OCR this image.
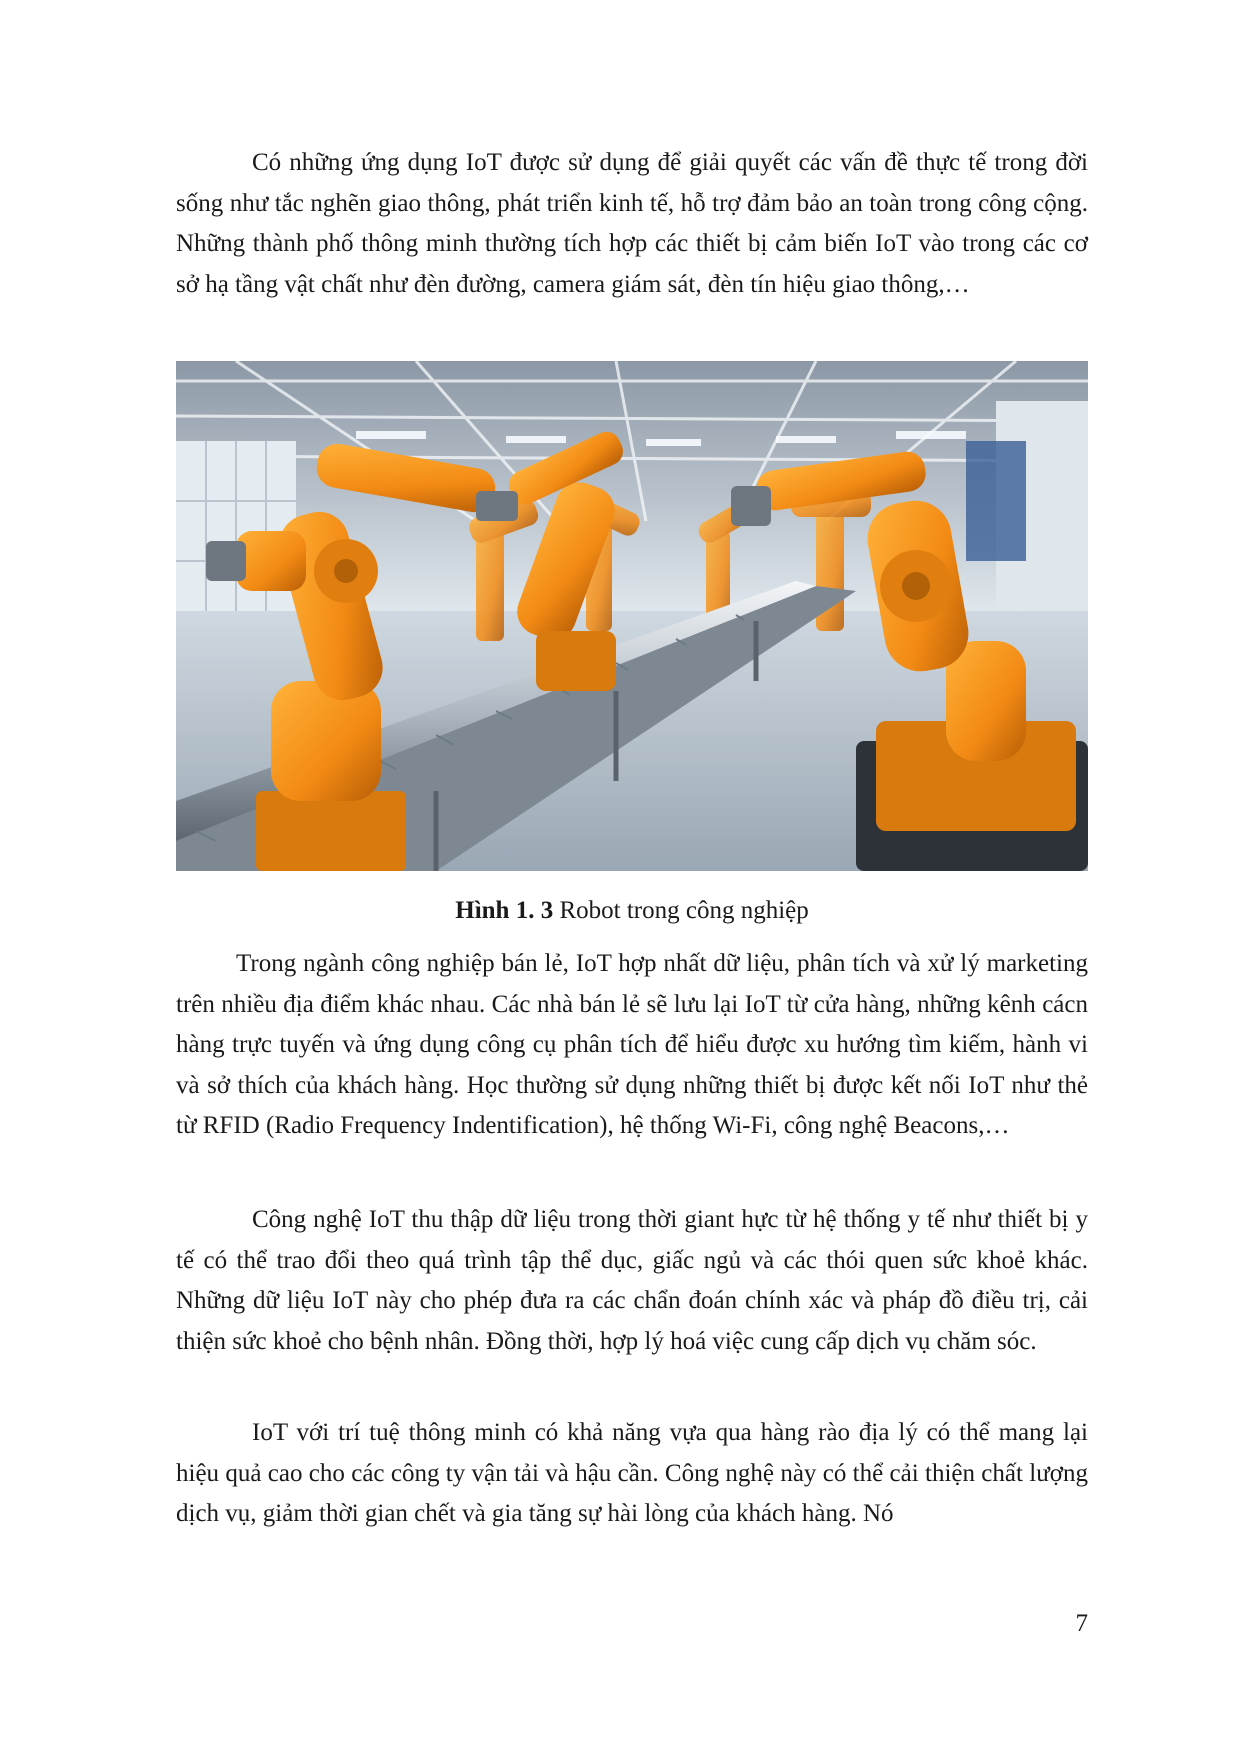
Có những ứng dụng IoT được sử dụng để giải quyết các vấn đề thực tế trong đời sống như tắc nghẽn giao thông, phát triển kinh tế, hỗ trợ đảm bảo an toàn trong công cộng. Những thành phố thông minh thường tích hợp các thiết bị cảm biến IoT vào trong các cơ sở hạ tầng vật chất như đèn đường, camera giám sát, đèn tín hiệu giao thông,…

Hình 1. 3 Robot trong công nghiệp

Trong ngành công nghiệp bán lẻ, IoT hợp nhất dữ liệu, phân tích và xử lý marketing trên nhiều địa điểm khác nhau. Các nhà bán lẻ sẽ lưu lại IoT từ cửa hàng, những kênh cácn hàng trực tuyến và ứng dụng công cụ phân tích để hiểu được xu hướng tìm kiếm, hành vi và sở thích của khách hàng. Học thường sử dụng những thiết bị được kết nối IoT như thẻ từ RFID (Radio Frequency Indentification), hệ thống Wi-Fi, công nghệ Beacons,…

Công nghệ IoT thu thập dữ liệu trong thời giant hực từ hệ thống y tế như thiết bị y tế có thể trao đổi theo quá trình tập thể dục, giấc ngủ và các thói quen sức khoẻ khác. Những dữ liệu IoT này cho phép đưa ra các chẩn đoán chính xác và pháp đồ điều trị, cải thiện sức khoẻ cho bệnh nhân. Đồng thời, hợp lý hoá việc cung cấp dịch vụ chăm sóc.

IoT với trí tuệ thông minh có khả năng vựa qua hàng rào địa lý có thể mang lại hiệu quả cao cho các công ty vận tải và hậu cần. Công nghệ này có thể cải thiện chất lượng dịch vụ, giảm thời gian chết và gia tăng sự hài lòng của khách hàng. Nó

7
